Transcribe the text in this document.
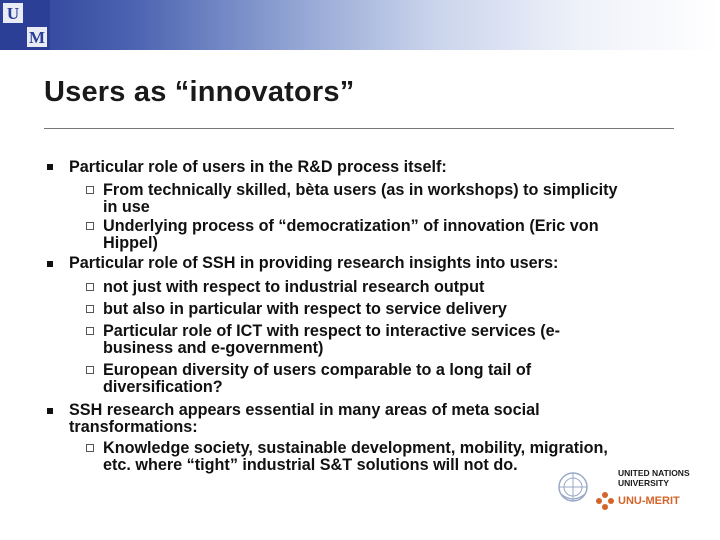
U
M
Users as “innovators”
Particular role of users in the R&D process itself:
From technically skilled, bèta users (as in workshops) to simplicity
in use
Underlying process of “democratization” of innovation (Eric von
Hippel)
Particular role of SSH in providing research insights into users:
not just with respect to industrial research output
but also in particular with respect to service delivery
Particular role of ICT with respect to interactive services (e-
business and e-government)
European diversity of users comparable to a long tail of
diversification?
SSH research appears essential in many areas of meta social
transformations:
Knowledge society, sustainable development, mobility, migration,
etc. where “tight” industrial S&T solutions will not do.	UNITED NATIONS
UNIVERSITY
UNU-MERIT
